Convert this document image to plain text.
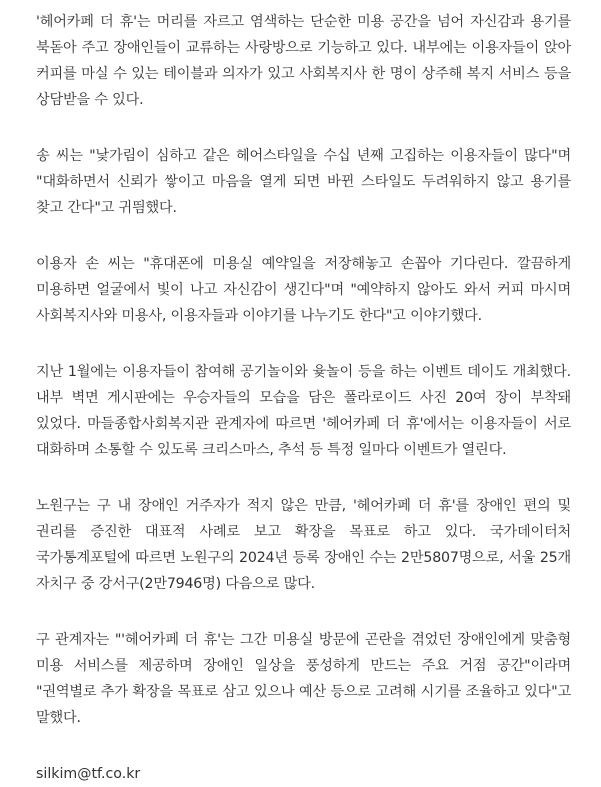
'헤어카페 더 휴'는 머리를 자르고 염색하는 단순한 미용 공간을 넘어 자신감과 용기를 북돋아 주고 장애인들이 교류하는 사랑방으로 기능하고 있다. 내부에는 이용자들이 앉아 커피를 마실 수 있는 테이블과 의자가 있고 사회복지사 한 명이 상주해 복지 서비스 등을 상담받을 수 있다.

송 씨는 "낯가림이 심하고 같은 헤어스타일을 수십 년째 고집하는 이용자들이 많다"며 "대화하면서 신뢰가 쌓이고 마음을 열게 되면 바뀐 스타일도 두려워하지 않고 용기를 찾고 간다"고 귀띔했다.

이용자 손 씨는 "휴대폰에 미용실 예약일을 저장해놓고 손꼽아 기다린다. 깔끔하게 미용하면 얼굴에서 빛이 나고 자신감이 생긴다"며 "예약하지 않아도 와서 커피 마시며 사회복지사와 미용사, 이용자들과 이야기를 나누기도 한다"고 이야기했다.

지난 1월에는 이용자들이 참여해 공기놀이와 윷놀이 등을 하는 이벤트 데이도 개최했다. 내부 벽면 게시판에는 우승자들의 모습을 담은 폴라로이드 사진 20여 장이 부착돼 있었다. 마들종합사회복지관 관계자에 따르면 '헤어카페 더 휴'에서는 이용자들이 서로 대화하며 소통할 수 있도록 크리스마스, 추석 등 특정 일마다 이벤트가 열린다.

노원구는 구 내 장애인 거주자가 적지 않은 만큼, '헤어카페 더 휴'를 장애인 편의 및 권리를 증진한 대표적 사례로 보고 확장을 목표로 하고 있다. 국가데이터처 국가통계포털에 따르면 노원구의 2024년 등록 장애인 수는 2만5807명으로, 서울 25개 자치구 중 강서구(2만7946명) 다음으로 많다.

구 관계자는 "'헤어카페 더 휴'는 그간 미용실 방문에 곤란을 겪었던 장애인에게 맞춤형 미용 서비스를 제공하며 장애인 일상을 풍성하게 만드는 주요 거점 공간"이라며 "권역별로 추가 확장을 목표로 삼고 있으나 예산 등으로 고려해 시기를 조율하고 있다"고 말했다.

silkim@tf.co.kr
